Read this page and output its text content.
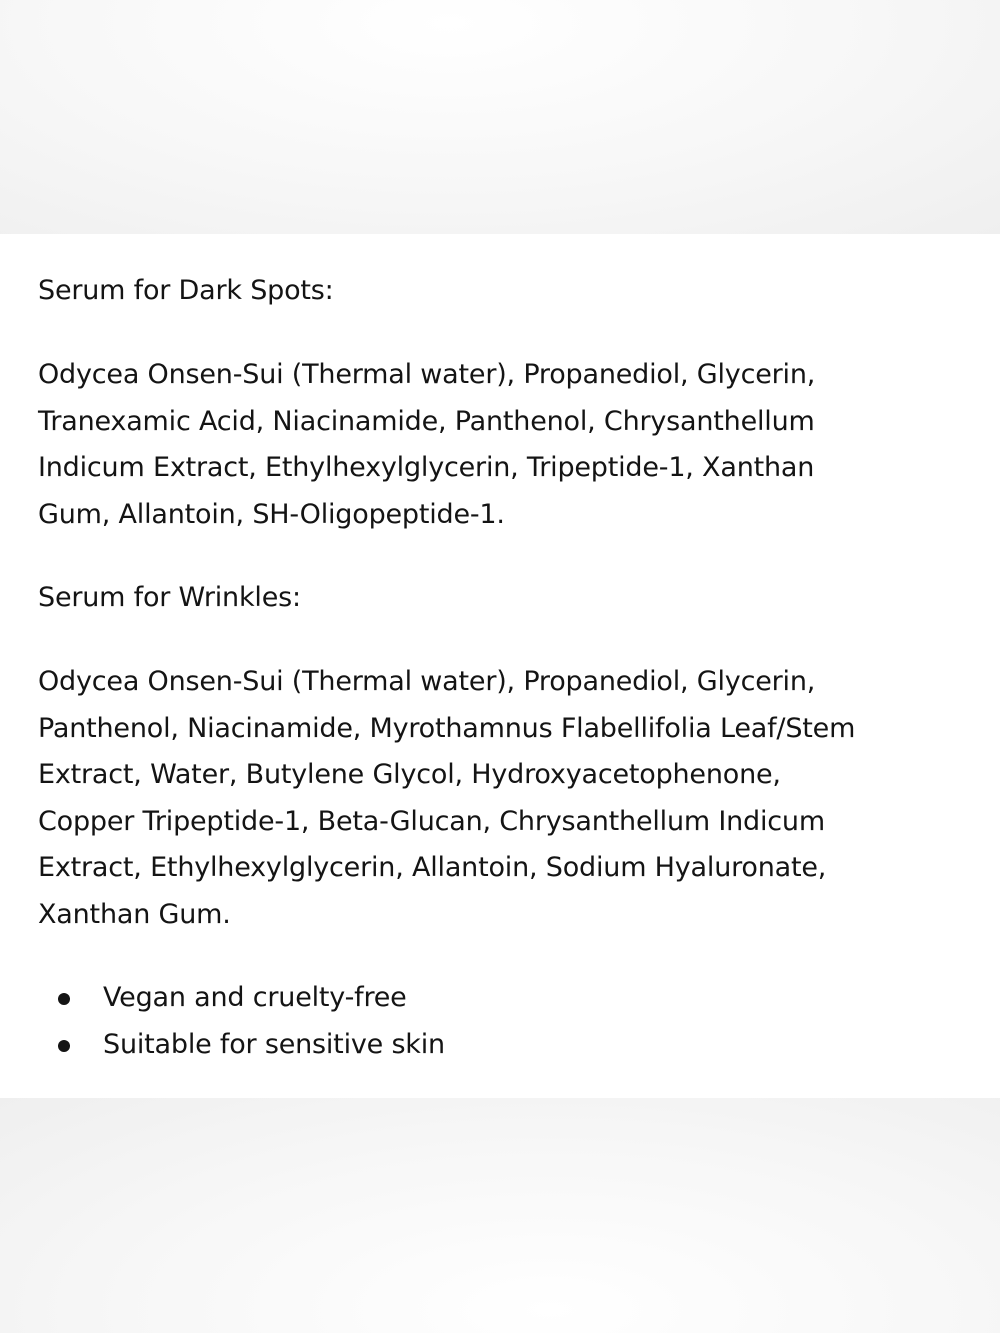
Serum for Dark Spots:
Odycea Onsen-Sui (Thermal water), Propanediol, Glycerin,
Tranexamic Acid, Niacinamide, Panthenol, Chrysanthellum
Indicum Extract, Ethylhexylglycerin, Tripeptide-1, Xanthan
Gum, Allantoin, SH-Oligopeptide-1.
Serum for Wrinkles:
Odycea Onsen-Sui (Thermal water), Propanediol, Glycerin,
Panthenol, Niacinamide, Myrothamnus Flabellifolia Leaf/Stem
Extract, Water, Butylene Glycol, Hydroxyacetophenone,
Copper Tripeptide-1, Beta-Glucan, Chrysanthellum Indicum
Extract, Ethylhexylglycerin, Allantoin, Sodium Hyaluronate,
Xanthan Gum.
Vegan and cruelty-free
Suitable for sensitive skin
